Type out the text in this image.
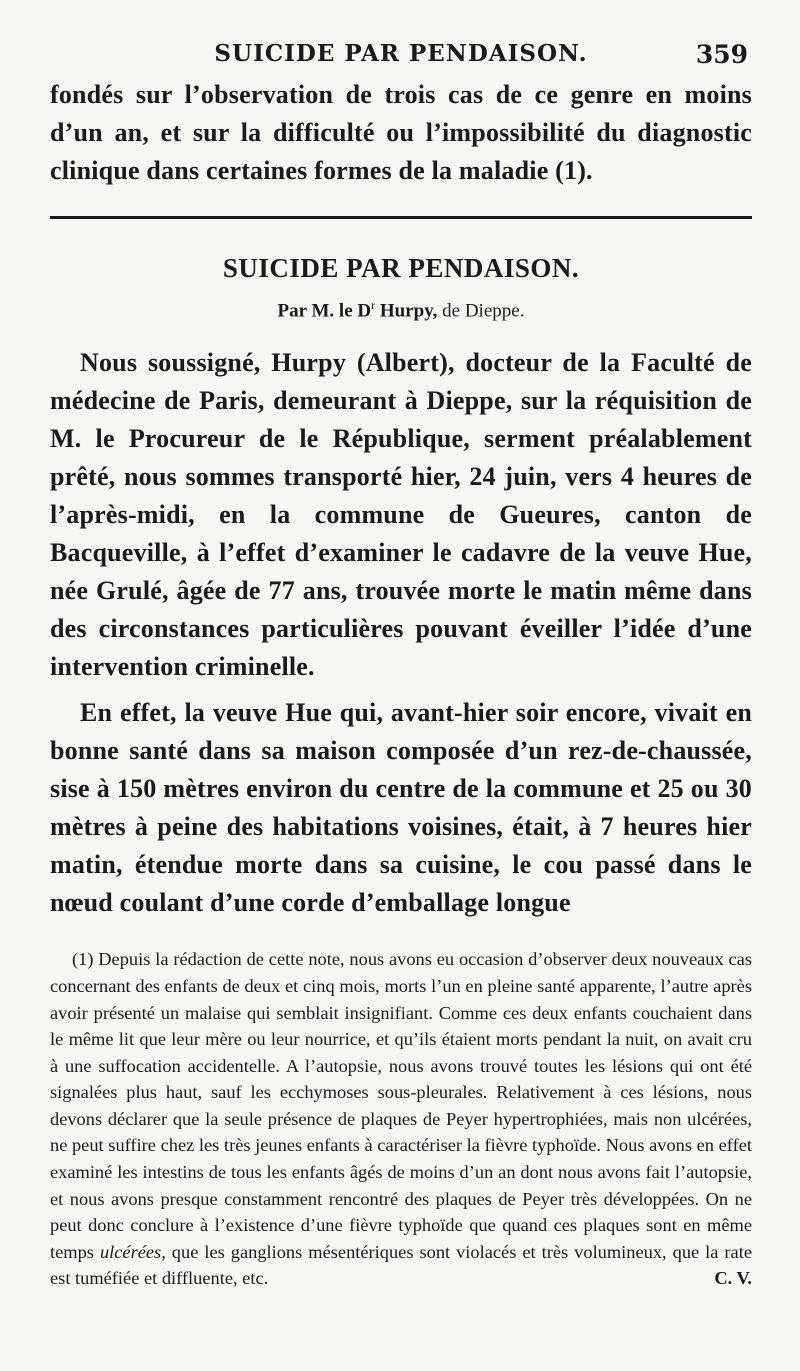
SUICIDE PAR PENDAISON.	359

fondés sur l’observation de trois cas de ce genre en moins d’un an, et sur la difficulté ou l’impossibilité du diagnostic clinique dans certaines formes de la maladie (1).

SUICIDE PAR PENDAISON.
Par M. le $D^r$ Hurpy, de Dieppe.

Nous soussigné, Hurpy (Albert), docteur de la Faculté de médecine de Paris, demeurant à Dieppe, sur la réquisition de M. le Procureur de le République, serment préalablement prêté, nous sommes transporté hier, 24 juin, vers 4 heures de l’après-midi, en la commune de Gueures, canton de Bacqueville, à l’effet d’examiner le cadavre de la veuve Hue, née Grulé, âgée de 77 ans, trouvée morte le matin même dans des circonstances particulières pouvant éveiller l’idée d’une intervention criminelle.

En effet, la veuve Hue qui, avant-hier soir encore, vivait en bonne santé dans sa maison composée d’un rez-de-chaussée, sise à 150 mètres environ du centre de la commune et 25 ou 30 mètres à peine des habitations voisines, était, à 7 heures hier matin, étendue morte dans sa cuisine, le cou passé dans le nœud coulant d’une corde d’emballage longue

(1) Depuis la rédaction de cette note, nous avons eu occasion d’observer deux nouveaux cas concernant des enfants de deux et cinq mois, morts l’un en pleine santé apparente, l’autre après avoir présenté un malaise qui semblait insignifiant. Comme ces deux enfants couchaient dans le même lit que leur mère ou leur nourrice, et qu’ils étaient morts pendant la nuit, on avait cru à une suffocation accidentelle. A l’autopsie, nous avons trouvé toutes les lésions qui ont été signalées plus haut, sauf les ecchymoses sous-pleurales. Relativement à ces lésions, nous devons déclarer que la seule présence de plaques de Peyer hypertrophiées, mais non ulcérées, ne peut suffire chez les très jeunes enfants à caractériser la fièvre typhoïde. Nous avons en effet examiné les intestins de tous les enfants âgés de moins d’un an dont nous avons fait l’autopsie, et nous avons presque constamment rencontré des plaques de Peyer très développées. On ne peut donc conclure à l’existence d’une fièvre typhoïde que quand ces plaques sont en même temps ulcérées, que les ganglions mésentériques sont violacés et très volumineux, que la rate est tuméfiée et diffluente, etc.	C. V.
